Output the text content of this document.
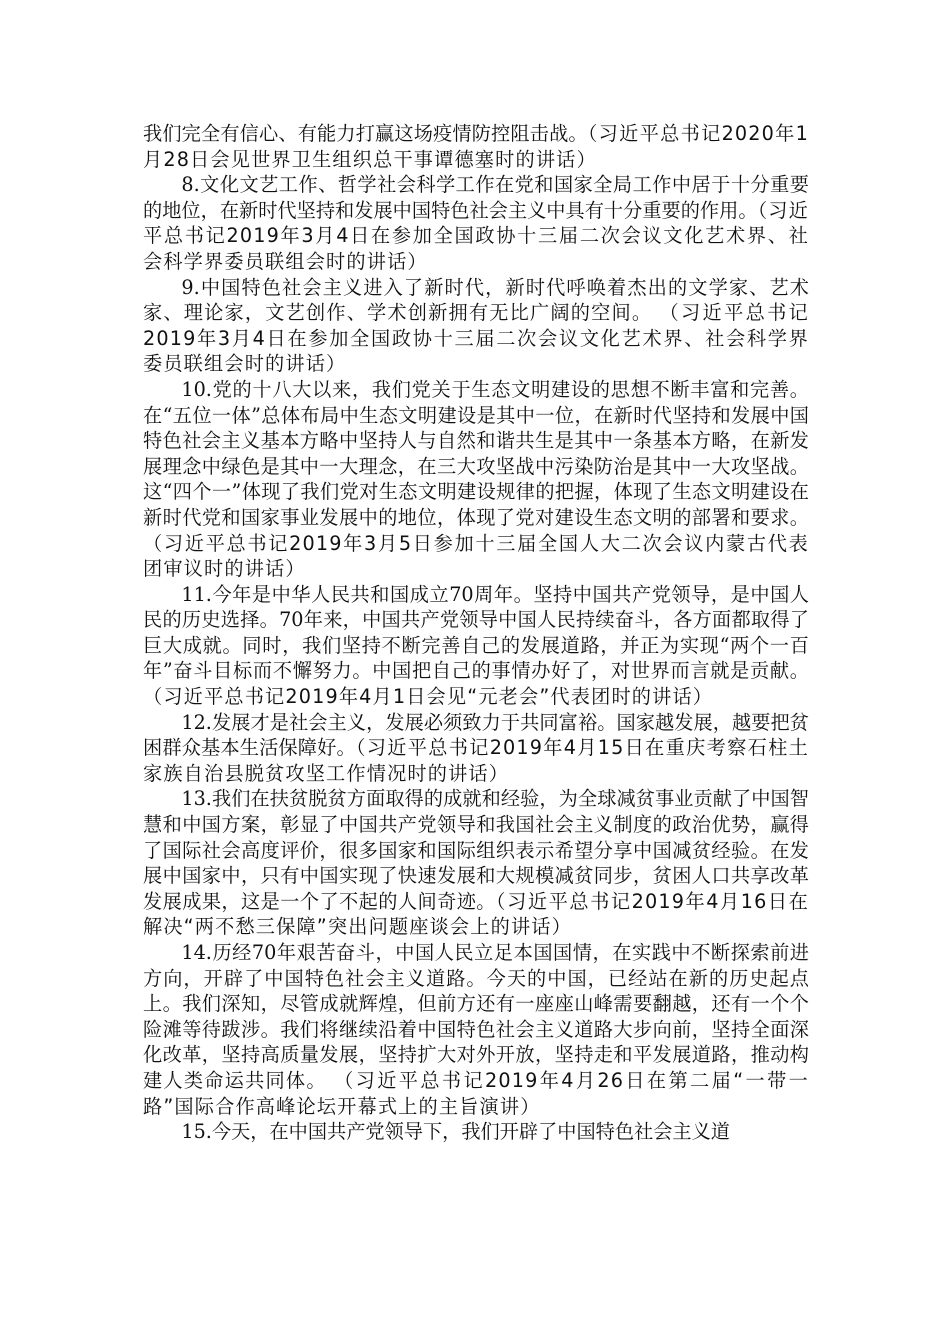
我们完全有信心、有能力打赢这场疫情防控阻击战。（习近平总书记2020年1月28日会见世界卫生组织总干事谭德塞时的讲话）

8.文化文艺工作、哲学社会科学工作在党和国家全局工作中居于十分重要的地位，在新时代坚持和发展中国特色社会主义中具有十分重要的作用。（习近平总书记2019年3月4日在参加全国政协十三届二次会议文化艺术界、社会科学界委员联组会时的讲话）

9.中国特色社会主义进入了新时代，新时代呼唤着杰出的文学家、艺术家、理论家，文艺创作、学术创新拥有无比广阔的空间。 （习近平总书记2019年3月4日在参加全国政协十三届二次会议文化艺术界、社会科学界委员联组会时的讲话）

10.党的十八大以来，我们党关于生态文明建设的思想不断丰富和完善。在“五位一体”总体布局中生态文明建设是其中一位，在新时代坚持和发展中国特色社会主义基本方略中坚持人与自然和谐共生是其中一条基本方略，在新发展理念中绿色是其中一大理念，在三大攻坚战中污染防治是其中一大攻坚战。这“四个一”体现了我们党对生态文明建设规律的把握，体现了生态文明建设在新时代党和国家事业发展中的地位，体现了党对建设生态文明的部署和要求。（习近平总书记2019年3月5日参加十三届全国人大二次会议内蒙古代表团审议时的讲话）

11.今年是中华人民共和国成立70周年。坚持中国共产党领导，是中国人民的历史选择。70年来，中国共产党领导中国人民持续奋斗，各方面都取得了巨大成就。同时，我们坚持不断完善自己的发展道路，并正为实现“两个一百年”奋斗目标而不懈努力。中国把自己的事情办好了，对世界而言就是贡献。（习近平总书记2019年4月1日会见“元老会”代表团时的讲话）

12.发展才是社会主义，发展必须致力于共同富裕。国家越发展，越要把贫困群众基本生活保障好。（习近平总书记2019年4月15日在重庆考察石柱土家族自治县脱贫攻坚工作情况时的讲话）

13.我们在扶贫脱贫方面取得的成就和经验，为全球减贫事业贡献了中国智慧和中国方案，彰显了中国共产党领导和我国社会主义制度的政治优势，赢得了国际社会高度评价，很多国家和国际组织表示希望分享中国减贫经验。在发展中国家中，只有中国实现了快速发展和大规模减贫同步，贫困人口共享改革发展成果，这是一个了不起的人间奇迹。（习近平总书记2019年4月16日在解决“两不愁三保障”突出问题座谈会上的讲话）

14.历经70年艰苦奋斗，中国人民立足本国国情，在实践中不断探索前进方向，开辟了中国特色社会主义道路。今天的中国，已经站在新的历史起点上。我们深知，尽管成就辉煌，但前方还有一座座山峰需要翻越，还有一个个险滩等待跋涉。我们将继续沿着中国特色社会主义道路大步向前，坚持全面深化改革，坚持高质量发展，坚持扩大对外开放，坚持走和平发展道路，推动构建人类命运共同体。 （习近平总书记2019年4月26日在第二届“一带一路”国际合作高峰论坛开幕式上的主旨演讲）

15.今天，在中国共产党领导下，我们开辟了中国特色社会主义道
